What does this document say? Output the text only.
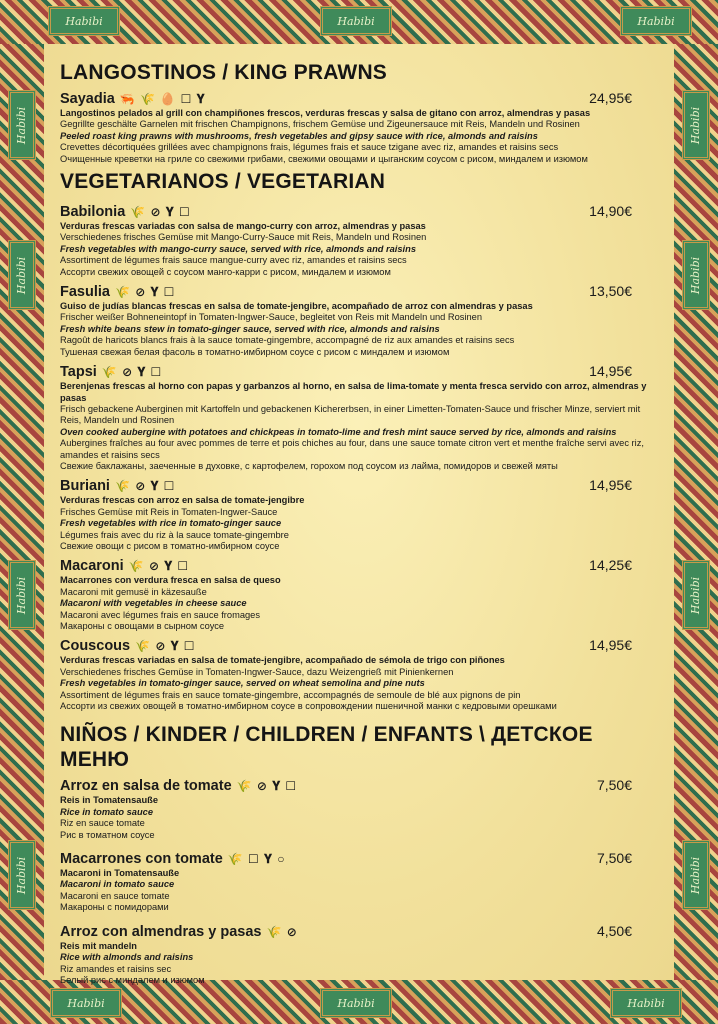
Habibi	Habibi	Habibi
Habibi	Habibi	Habibi
Habibi
Habibi
Habibi
Habibi
Habibi
Habibi
Habibi
Habibi
LANGOSTINOS / KING PRAWNS
Sayadia 🦐 🌾 🥚 ☐ 𝐘	24,95€
Langostinos pelados al grill con champiñones frescos, verduras frescas y salsa de gitano con arroz, almendras y pasas
Gegrillte geschälte Garnelen mit frischen Champignons, frischem Gemüse und Zigeunersauce mit Reis, Mandeln und Rosinen
Peeled roast king prawns with mushrooms, fresh vegetables and gipsy sauce with rice, almonds and raisins
Crevettes décortiquées grillées avec champignons frais, légumes frais et sauce tzigane avec riz, amandes et raisins secs
Очищенные креветки на гриле со свежими грибами, свежими овощами и цыганским соусом с рисом, миндалем и изюмом
VEGETARIANOS / VEGETARIAN
Babilonia 🌾 ⊘ 𝐘 ☐	14,90€
Verduras frescas variadas con salsa de mango-curry con arroz, almendras y pasas
Verschiedenes frisches Gemüse mit Mango-Curry-Sauce mit Reis, Mandeln und Rosinen
Fresh vegetables with mango-curry sauce, served with rice, almonds and raisins
Assortiment de légumes frais sauce mangue-curry avec riz, amandes et raisins secs
Ассорти свежих овощей с соусом манго-карри с рисом, миндалем и изюмом
Fasulia 🌾 ⊘ 𝐘 ☐	13,50€
Guiso de judías blancas frescas en salsa de tomate-jengibre, acompañado de arroz con almendras y pasas
Frischer weißer Bohneneintopf in Tomaten-Ingwer-Sauce, begleitet von Reis mit Mandeln und Rosinen
Fresh white beans stew in tomato-ginger sauce, served with rice, almonds and raisins
Ragoût de haricots blancs frais à la sauce tomate-gingembre, accompagné de riz aux amandes et raisins secs
Тушеная свежая белая фасоль в томатно-имбирном соусе с рисом с миндалем и изюмом
Tapsi 🌾 ⊘ 𝐘 ☐	14,95€
Berenjenas frescas al horno con papas y garbanzos al horno, en salsa de lima-tomate y menta fresca servido con arroz, almendras y pasas
Frisch gebackene Auberginen mit Kartoffeln und gebackenen Kichererbsen, in einer Limetten-Tomaten-Sauce und frischer Minze, serviert mit Reis, Mandeln und Rosinen
Oven cooked aubergine with potatoes and chickpeas in tomato-lime and fresh mint sauce served by rice, almonds and raisins
Aubergines fraîches au four avec pommes de terre et pois chiches au four, dans une sauce tomate citron vert et menthe fraîche servi avec riz, amandes et raisins secs
Свежие баклажаны, заеченные в духовке, с картофелем, горохом под соусом из лайма, помидоров и свежей мяты
Buriani 🌾 ⊘ 𝐘 ☐	14,95€
Verduras frescas con arroz en salsa de tomate-jengibre
Frisches Gemüse mit Reis in Tomaten-Ingwer-Sauce
Fresh vegetables with rice in tomato-ginger sauce
Légumes frais avec du riz à la sauce tomate-gingembre
Свежие овощи с рисом в томатно-имбирном соусе
Macaroni 🌾 ⊘ 𝐘 ☐	14,25€
Macarrones con verdura fresca en salsa de queso
Macaroni mit gemusë in käzesauße
Macaroni with vegetables in cheese sauce
Macaroni avec légumes frais en sauce fromages
Макароны с овощами в сырном соусе
Couscous 🌾 ⊘ 𝐘 ☐	14,95€
Verduras frescas variadas en salsa de tomate-jengibre, acompañado de sémola de trigo con piñones
Verschiedenes frisches Gemüse in Tomaten-Ingwer-Sauce, dazu Weizengrieß mit Pinienkernen
Fresh vegetables in tomato-ginger sauce, served on wheat semolina and pine nuts
Assortiment de légumes frais en sauce tomate-gingembre, accompagnés de semoule de blé aux pignons de pin
Ассорти из свежих овощей в томатно-имбирном соусе в сопровождении пшеничной манки с кедровыми орешками
NIÑOS / KINDER / CHILDREN / ENFANTS \ ДЕТСКОЕ МЕНЮ
Arroz en salsa de tomate 🌾 ⊘ 𝐘 ☐	7,50€
Reis in Tomatensauße
Rice in tomato sauce
Riz en sauce tomate
Рис в томатном соусе
Macarrones con tomate 🌾 ☐ 𝐘 ○	7,50€
Macaroni in Tomatensauße
Macaroni in tomato sauce
Macaroni en sauce tomate
Макароны с помидорами
Arroz con almendras y pasas 🌾 ⊘	4,50€
Reis mit mandeln
Rice with almonds and raisins
Riz amandes et raisins sec
Белый рис с миндалем и изюмом
